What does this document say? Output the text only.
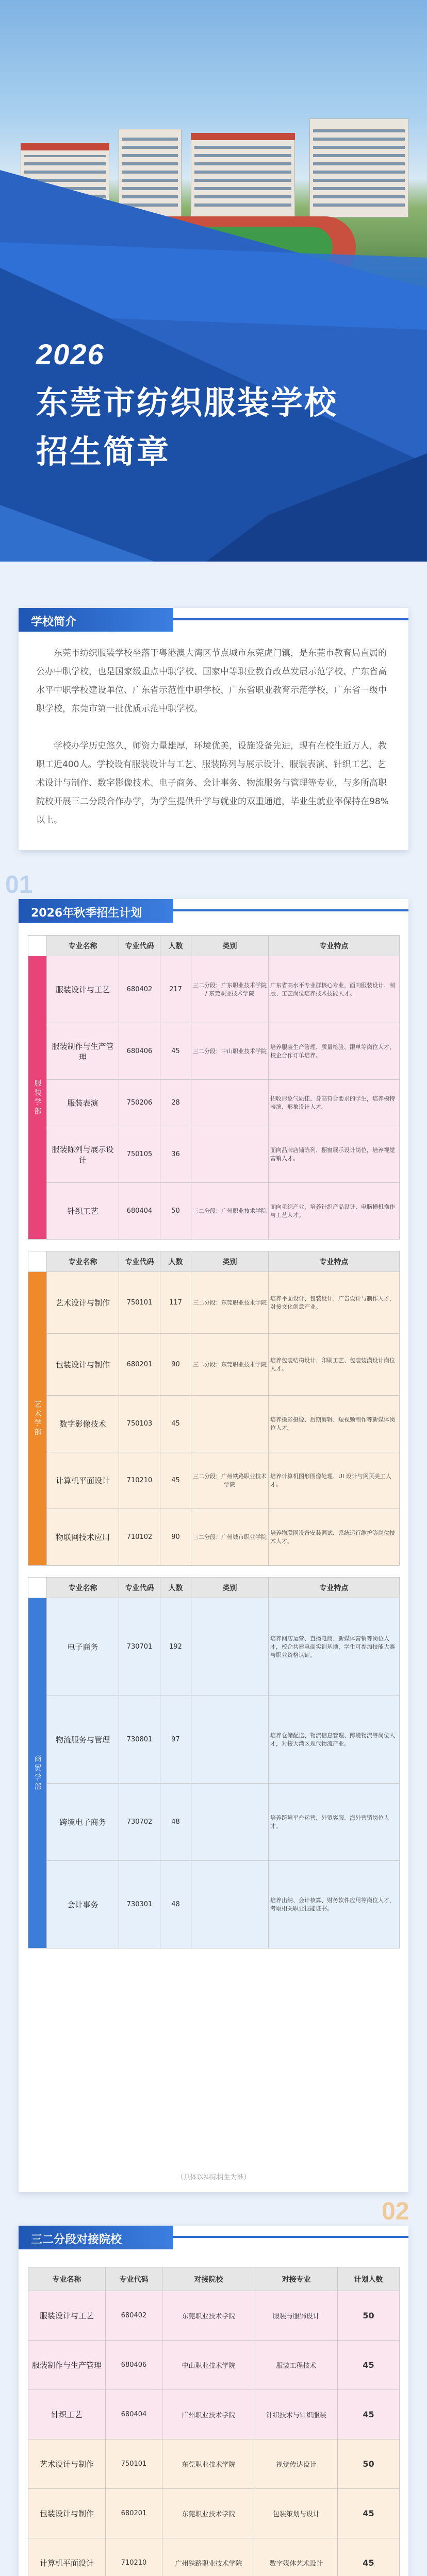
2026
东莞市纺织服装学校
招生简章
学校简介
东莞市纺织服装学校坐落于粤港澳大湾区节点城市东莞虎门镇，是东莞市教育局直属的公办中职学校，也是国家级重点中职学校、国家中等职业教育改革发展示范学校、广东省高水平中职学校建设单位、广东省示范性中职学校、广东省职业教育示范学校，广东省一级中职学校，东莞市第一批优质示范中职学校。
学校办学历史悠久，师资力量雄厚，环境优美，设施设备先进，现有在校生近万人，教职工近400人。学校设有服装设计与工艺、服装陈列与展示设计、服装表演、针织工艺、艺术设计与制作、数字影像技术、电子商务、会计事务、物流服务与管理等专业，与多所高职院校开展三二分段合作办学，为学生提供升学与就业的双重通道，毕业生就业率保持在98%以上。
01
2026年秋季招生计划
	专业名称	专业代码	人数	类别	专业特点

服装学部	服装设计与工艺	680402	217	三二分段：广东职业技术学院 / 东莞职业技术学院	广东省高水平专业群核心专业，面向服装设计、制版、工艺岗位培养技术技能人才。
	服装制作与生产管理	680406	45	三二分段：中山职业技术学院	培养服装生产管理、质量检验、跟单等岗位人才，校企合作订单培养。
	服装表演	750206	28		招收形象气质佳、身高符合要求的学生，培养模特表演、形象设计人才。
	服装陈列与展示设计	750105	36		面向品牌店铺陈列、橱窗展示设计岗位，培养视觉营销人才。
	针织工艺	680404	50	三二分段：广州职业技术学院	面向毛织产业，培养针织产品设计、电脑横机操作与工艺人才。
	专业名称	专业代码	人数	类别	专业特点

艺术学部	艺术设计与制作	750101	117	三二分段：东莞职业技术学院	培养平面设计、包装设计、广告设计与制作人才，对接文化创意产业。
	包装设计与制作	680201	90	三二分段：东莞职业技术学院	培养包装结构设计、印刷工艺、包装装潢设计岗位人才。
	数字影像技术	750103	45		培养摄影摄像、后期剪辑、短视频制作等新媒体岗位人才。
	计算机平面设计	710210	45	三二分段：广州铁路职业技术学院	培养计算机图形图像处理、UI 设计与网页美工人才。
	物联网技术应用	710102	90	三二分段：广州城市职业学院	培养物联网设备安装调试、系统运行维护等岗位技术人才。
	专业名称	专业代码	人数	类别	专业特点

商贸学部	电子商务	730701	192		培养网店运营、直播电商、新媒体营销等岗位人才，校企共建电商实训基地，学生可参加技能大赛与职业资格认证。
	物流服务与管理	730801	97		培养仓储配送、物流信息管理、跨境物流等岗位人才，对接大湾区现代物流产业。
	跨境电子商务	730702	48		培养跨境平台运营、外贸客服、海外营销岗位人才。
	会计事务	730301	48		培养出纳、会计核算、财务软件应用等岗位人才，考取相关职业技能证书。
（具体以实际招生为准）
02
三二分段对接院校
专业名称	专业代码	对接院校	对接专业	计划人数
服装设计与工艺	680402	东莞职业技术学院	服装与服饰设计	50
服装制作与生产管理	680406	中山职业技术学院	服装工程技术	45
针织工艺	680404	广州职业技术学院	针织技术与针织服装	45
艺术设计与制作	750101	东莞职业技术学院	视觉传达设计	50
包装设计与制作	680201	东莞职业技术学院	包装策划与设计	45
计算机平面设计	710210	广州铁路职业技术学院	数字媒体艺术设计	45
